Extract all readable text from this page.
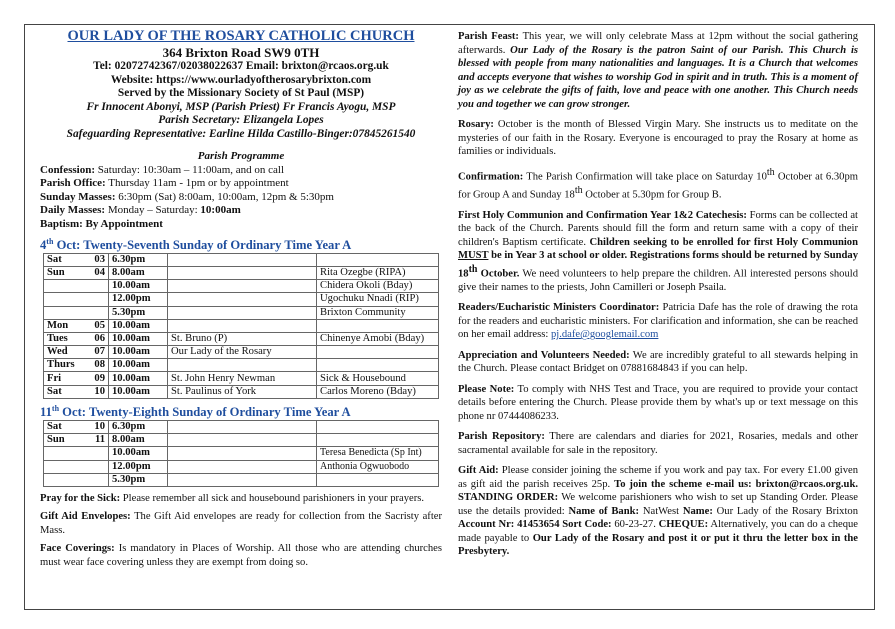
OUR LADY OF THE ROSARY CATHOLIC CHURCH
364 Brixton Road SW9 0TH
Tel: 02072742367/02038022637 Email: brixton@rcaos.org.uk
Website: https://www.ourladyoftherosarybrixton.com
Served by the Missionary Society of St Paul (MSP)
Fr Innocent Abonyi, MSP (Parish Priest) Fr Francis Ayogu, MSP
Parish Secretary: Elizangela Lopes
Safeguarding Representative: Earline Hilda Castillo-Binger:07845261540
Parish Programme
Confession: Saturday: 10:30am – 11:00am, and on call
Parish Office: Thursday 11am - 1pm or by appointment
Sunday Masses: 6:30pm (Sat) 8:00am, 10:00am, 12pm & 5:30pm
Daily Masses: Monday – Saturday: 10:00am
Baptism: By Appointment
4th Oct: Twenty-Seventh Sunday of Ordinary Time Year A
Sat	03	6.30pm		
Sun	04	8.00am		Rita Ozegbe (RIPA)
		10.00am		Chidera Okoli (Bday)
		12.00pm		Ugochuku Nnadi (RIP)
		5.30pm		Brixton Community
Mon	05	10.00am		
Tues	06	10.00am	St. Bruno (P)	Chinenye Amobi (Bday)
Wed	07	10.00am	Our Lady of the Rosary	
Thurs	08	10.00am		
Fri	09	10.00am	St. John Henry Newman	Sick & Housebound
Sat	10	10.00am	St. Paulinus of York	Carlos Moreno (Bday)
11th Oct: Twenty-Eighth Sunday of Ordinary Time Year A
Sat	10	6.30pm		
Sun	11	8.00am		
		10.00am		Teresa Benedicta (Sp Int)
		12.00pm		Anthonia Ogwuobodo
		5.30pm		
Pray for the Sick: Please remember all sick and housebound parishioners in your prayers.
Gift Aid Envelopes: The Gift Aid envelopes are ready for collection from the Sacristy after Mass.
Face Coverings: Is mandatory in Places of Worship. All those who are attending churches must wear face covering unless they are exempt from doing so.
Parish Feast: This year, we will only celebrate Mass at 12pm without the social gathering afterwards. Our Lady of the Rosary is the patron Saint of our Parish. This Church is blessed with people from many nationalities and languages. It is a Church that welcomes and accepts everyone that wishes to worship God in spirit and in truth. This is a moment of joy as we celebrate the gifts of faith, love and peace with one another. This Church needs you and together we can grow stronger.
Rosary: October is the month of Blessed Virgin Mary. She instructs us to meditate on the mysteries of our faith in the Rosary. Everyone is encouraged to pray the Rosary at home as families or individuals.
Confirmation: The Parish Confirmation will take place on Saturday 10th October at 6.30pm for Group A and Sunday 18th October at 5.30pm for Group B.
First Holy Communion and Confirmation Year 1&2 Catechesis: Forms can be collected at the back of the Church. Parents should fill the form and return same with a copy of their children's Baptism certificate. Children seeking to be enrolled for first Holy Communion MUST be in Year 3 at school or older. Registrations forms should be returned by Sunday 18th October. We need volunteers to help prepare the children. All interested persons should give their names to the priests, John Camilleri or Joseph Psaila.
Readers/Eucharistic Ministers Coordinator: Patricia Dafe has the role of drawing the rota for the readers and eucharistic ministers. For clarification and information, she can be reached on her email address: pj.dafe@googlemail.com
Appreciation and Volunteers Needed: We are incredibly grateful to all stewards helping in the Church. Please contact Bridget on 07881684843 if you can help.
Please Note: To comply with NHS Test and Trace, you are required to provide your contact details before entering the Church. Please provide them by what's up or text message on this phone nr 07444086233.
Parish Repository: There are calendars and diaries for 2021, Rosaries, medals and other sacramental available for sale in the repository.
Gift Aid: Please consider joining the scheme if you work and pay tax. For every £1.00 given as gift aid the parish receives 25p. To join the scheme e-mail us: brixton@rcaos.org.uk. STANDING ORDER: We welcome parishioners who wish to set up Standing Order. Please use the details provided: Name of Bank: NatWest Name: Our Lady of the Rosary Brixton Account Nr: 41453654 Sort Code: 60-23-27. CHEQUE: Alternatively, you can do a cheque made payable to Our Lady of the Rosary and post it or put it thru the letter box in the Presbytery.
